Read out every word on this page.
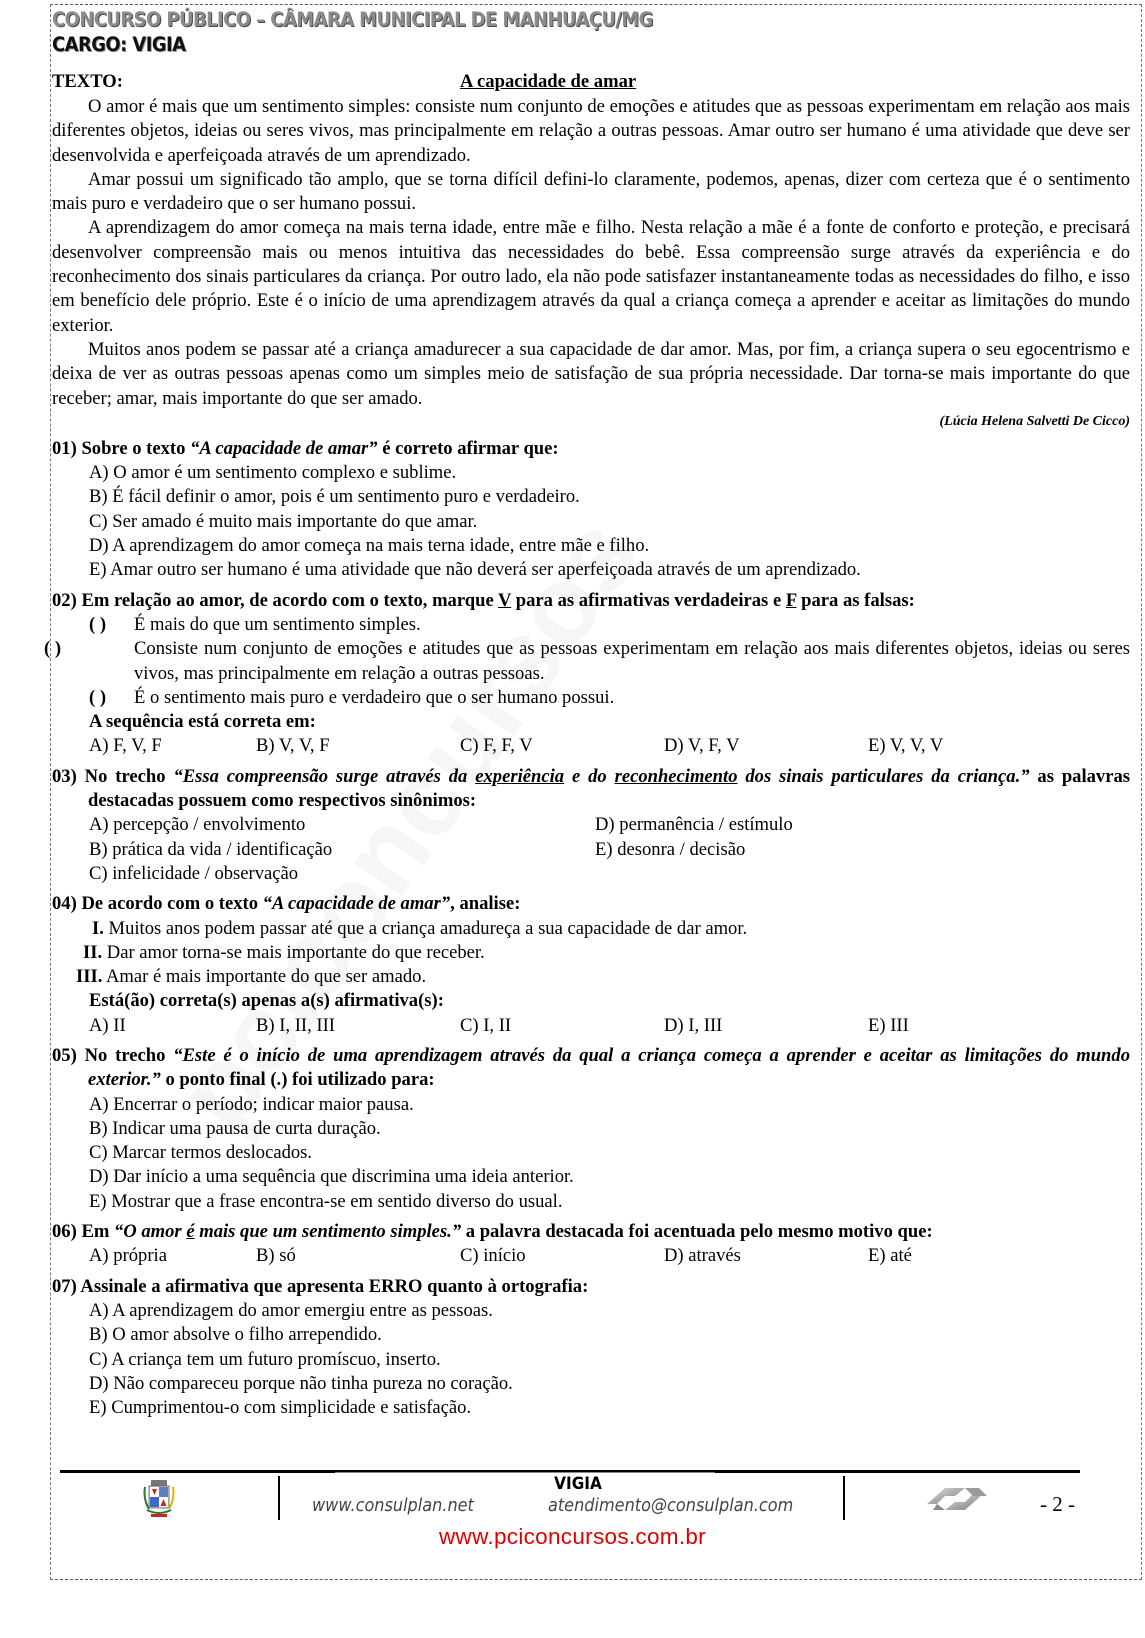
CONCURSO PÚBLICO – CÂMARA MUNICIPAL DE MANHUAÇU/MG
CARGO: VIGIA
TEXTO:	A capacidade de amar

O amor é mais que um sentimento simples: consiste num conjunto de emoções e atitudes que as pessoas experimentam em relação aos mais diferentes objetos, ideias ou seres vivos, mas principalmente em relação a outras pessoas. Amar outro ser humano é uma atividade que deve ser desenvolvida e aperfeiçoada através de um aprendizado.

Amar possui um significado tão amplo, que se torna difícil defini-lo claramente, podemos, apenas, dizer com certeza que é o sentimento mais puro e verdadeiro que o ser humano possui.

A aprendizagem do amor começa na mais terna idade, entre mãe e filho. Nesta relação a mãe é a fonte de conforto e proteção, e precisará desenvolver compreensão mais ou menos intuitiva das necessidades do bebê. Essa compreensão surge através da experiência e do reconhecimento dos sinais particulares da criança. Por outro lado, ela não pode satisfazer instantaneamente todas as necessidades do filho, e isso em benefício dele próprio. Este é o início de uma aprendizagem através da qual a criança começa a aprender e aceitar as limitações do mundo exterior.

Muitos anos podem se passar até a criança amadurecer a sua capacidade de dar amor. Mas, por fim, a criança supera o seu egocentrismo e deixa de ver as outras pessoas apenas como um simples meio de satisfação de sua própria necessidade. Dar torna-se mais importante do que receber; amar, mais importante do que ser amado.

(Lúcia Helena Salvetti De Cicco)
01) Sobre o texto “A capacidade de amar” é correto afirmar que:
A) O amor é um sentimento complexo e sublime.
B) É fácil definir o amor, pois é um sentimento puro e verdadeiro.
C) Ser amado é muito mais importante do que amar.
D) A aprendizagem do amor começa na mais terna idade, entre mãe e filho.
E) Amar outro ser humano é uma atividade que não deverá ser aperfeiçoada através de um aprendizado.
02) Em relação ao amor, de acordo com o texto, marque V para as afirmativas verdadeiras e F para as falsas:
( ) É mais do que um sentimento simples.
( )	Consiste num conjunto de emoções e atitudes que as pessoas experimentam em relação aos mais diferentes objetos, ideias ou seres vivos, mas principalmente em relação a outras pessoas.
( ) É o sentimento mais puro e verdadeiro que o ser humano possui.
A sequência está correta em:
A) F, V, F	B) V, V, F	C) F, F, V	D) V, F, V	E) V, V, V
03) No trecho “Essa compreensão surge através da experiência e do reconhecimento dos sinais particulares da criança.” as palavras destacadas possuem como respectivos sinônimos:
A) percepção / envolvimento	D) permanência / estímulo
B) prática da vida / identificação	E) desonra / decisão
C) infelicidade / observação
04) De acordo com o texto “A capacidade de amar”, analise:
I. Muitos anos podem passar até que a criança amadureça a sua capacidade de dar amor.
II. Dar amor torna-se mais importante do que receber.
III. Amar é mais importante do que ser amado.
Está(ão) correta(s) apenas a(s) afirmativa(s):
A) II	B) I, II, III	C) I, II	D) I, III	E) III
05) No trecho “Este é o início de uma aprendizagem através da qual a criança começa a aprender e aceitar as limitações do mundo exterior.” o ponto final (.) foi utilizado para:
A) Encerrar o período; indicar maior pausa.
B) Indicar uma pausa de curta duração.
C) Marcar termos deslocados.
D) Dar início a uma sequência que discrimina uma ideia anterior.
E) Mostrar que a frase encontra-se em sentido diverso do usual.
06) Em “O amor é mais que um sentimento simples.” a palavra destacada foi acentuada pelo mesmo motivo que:
A) própria	B) só	C) início	D) através	E) até
07) Assinale a afirmativa que apresenta ERRO quanto à ortografia:
A) A aprendizagem do amor emergiu entre as pessoas.
B) O amor absolve o filho arrependido.
C) A criança tem um futuro promíscuo, inserto.
D) Não compareceu porque não tinha pureza no coração.
E) Cumprimentou-o com simplicidade e satisfação.
VIGIA
www.consulplan.net	atendimento@consulplan.com	- 2 -
www.pciconcursos.com.br
